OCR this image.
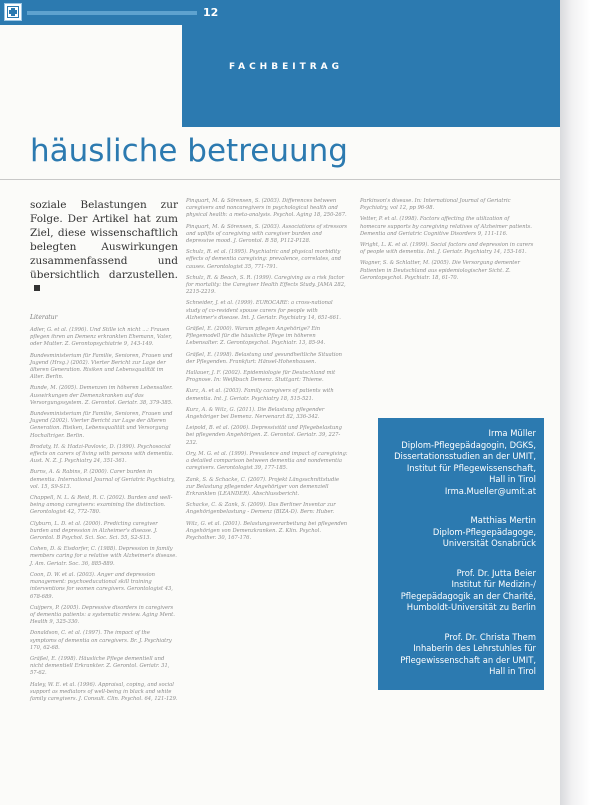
12
FACHBEITRAG
häusliche betreuung

soziale Belastungen zur Folge. Der Artikel hat zum Ziel, diese wissenschaftlich belegten Auswirkungen zusammenfassend und übersichtlich darzustellen.

Literatur

Adler, G. et al. (1996). Und Stille ich nicht ...: Frauen pflegen ihren an Demenz erkrankten Ehemann, Vater, oder Mutter. Z. Gerontopsychiatrie 9, 143-149.

Bundesministerium für Familie, Senioren, Frauen und Jugend (Hrsg.) (2002). Vierter Bericht zur Lage der älteren Generation. Risiken und Lebensqualität im Alter. Berlin.

Runde, M. (2005). Demenzen im höheren Lebensalter. Auswirkungen der Demenzkranken auf das Versorgungssystem. Z. Gerontol. Geriatr. 38, 379-385.

Bundesministerium für Familie, Senioren, Frauen und Jugend (2002). Vierter Bericht zur Lage der älteren Generation. Risiken, Lebensqualität und Versorgung Hochaltriger. Berlin.

Brodaty, H. & Hadzi-Pavlovic, D. (1990). Psychosocial effects on carers of living with persons with dementia. Aust. N. Z. J. Psychiatry 24, 351-361.

Burns, A. & Rabins, P. (2000). Carer burden in dementia. International Journal of Geriatric Psychiatry, vol. 15, S9-S13.

Chappell, N. L. & Reid, R. C. (2002). Burden and well-being among caregivers: examining the distinction. Gerontologist 42, 772-780.

Clyburn, L. D. et al. (2000). Predicting caregiver burden and depression in Alzheimer's disease. J. Gerontol. B Psychol. Sci. Soc. Sci. 55, S2-S13.

Cohen, D. & Eisdorfer, C. (1988). Depression in family members caring for a relative with Alzheimer's disease. J. Am. Geriatr. Soc. 36, 885-889.

Coon, D. W. et al. (2003). Anger and depression management: psychoeducational skill training interventions for women caregivers. Gerontologist 43, 678-689.

Cuijpers, P. (2005). Depressive disorders in caregivers of dementia patients: a systematic review. Aging Ment. Health 9, 325-330.

Donaldson, C. et al. (1997). The impact of the symptoms of dementia on caregivers. Br. J. Psychiatry 170, 62-68.

Gräßel, E. (1998). Häusliche Pflege dementiell und nicht dementiell Erkrankter. Z. Gerontol. Geriatr. 31, 57-62.

Haley, W. E. et al. (1996). Appraisal, coping, and social support as mediators of well-being in black and white family caregivers. J. Consult. Clin. Psychol. 64, 121-129.

Pinquart, M. & Sörensen, S. (2003). Differences between caregivers and noncaregivers in psychological health and physical health: a meta-analysis. Psychol. Aging 18, 250-267.

Pinquart, M. & Sörensen, S. (2003). Associations of stressors and uplifts of caregiving with caregiver burden and depressive mood. J. Gerontol. B 58, P112-P128.

Schulz, R. et al. (1995). Psychiatric and physical morbidity effects of dementia caregiving: prevalence, correlates, and causes. Gerontologist 35, 771-791.

Schulz, R. & Beach, S. R. (1999). Caregiving as a risk factor for mortality: the Caregiver Health Effects Study. JAMA 282, 2215-2219.

Schneider, J. et al. (1999). EUROCARE: a cross-national study of co-resident spouse carers for people with Alzheimer's disease. Int. J. Geriatr. Psychiatry 14, 651-661.

Gräßel, E. (2000). Warum pflegen Angehörige? Ein Pflegemodell für die häusliche Pflege im höheren Lebensalter. Z. Gerontopsychol. Psychiatr. 13, 85-94.

Gräßel, E. (1998). Belastung und gesundheitliche Situation der Pflegenden. Frankfurt: Hänsel-Hohenhausen.

Hallauer, J. F. (2002). Epidemiologie für Deutschland mit Prognose. In: Weißbuch Demenz. Stuttgart: Thieme.

Kurz, A. et al. (2003). Family caregivers of patients with dementia. Int. J. Geriatr. Psychiatry 18, 515-521.

Kurz, A. & Wilz, G. (2011). Die Belastung pflegender Angehöriger bei Demenz. Nervenarzt 82, 336-342.

Leipold, B. et al. (2006). Depressivität und Pflegebelastung bei pflegenden Angehörigen. Z. Gerontol. Geriatr. 39, 227-232.

Ory, M. G. et al. (1999). Prevalence and impact of caregiving: a detailed comparison between dementia and nondementia caregivers. Gerontologist 39, 177-185.

Zank, S. & Schacke, C. (2007). Projekt Längsschnittstudie zur Belastung pflegender Angehöriger von demenziell Erkrankten (LEANDER). Abschlussbericht.

Schacke, C. & Zank, S. (2009). Das Berliner Inventar zur Angehörigenbelastung - Demenz (BIZA-D). Bern: Huber.

Wilz, G. et al. (2001). Belastungsverarbeitung bei pflegenden Angehörigen von Demenzkranken. Z. Klin. Psychol. Psychother. 30, 167-176.

Parkinson's disease. In: International Journal of Geriatric Psychiatry, vol 12, pp 96-98.

Vetter, P. et al. (1998). Factors affecting the utilization of homecare supports by caregiving relatives of Alzheimer patients. Dementia and Geriatric Cognitive Disorders 9, 111-116.

Wright, L. K. et al. (1999). Social factors and depression in carers of people with dementia. Int. J. Geriatr. Psychiatry 14, 153-161.

Wagner, S. & Schlatter, M. (2005). Die Versorgung dementer Patienten in Deutschland aus epidemiologischer Sicht. Z. Gerontopsychol. Psychiatr. 18, 61-70.

Irma Müller
Diplom-Pflegepädagogin, DGKS,
Dissertationsstudien an der UMIT,
Institut für Pflegewissenschaft,
Hall in Tirol
Irma.Mueller@umit.at
Matthias Mertin
Diplom-Pflegepädagoge,
Universität Osnabrück
Prof. Dr. Jutta Beier
Institut für Medizin-/
Pflegepädagogik an der Charité,
Humboldt-Universität zu Berlin
Prof. Dr. Christa Them
Inhaberin des Lehrstuhles für
Pflegewissenschaft an der UMIT,
Hall in Tirol
